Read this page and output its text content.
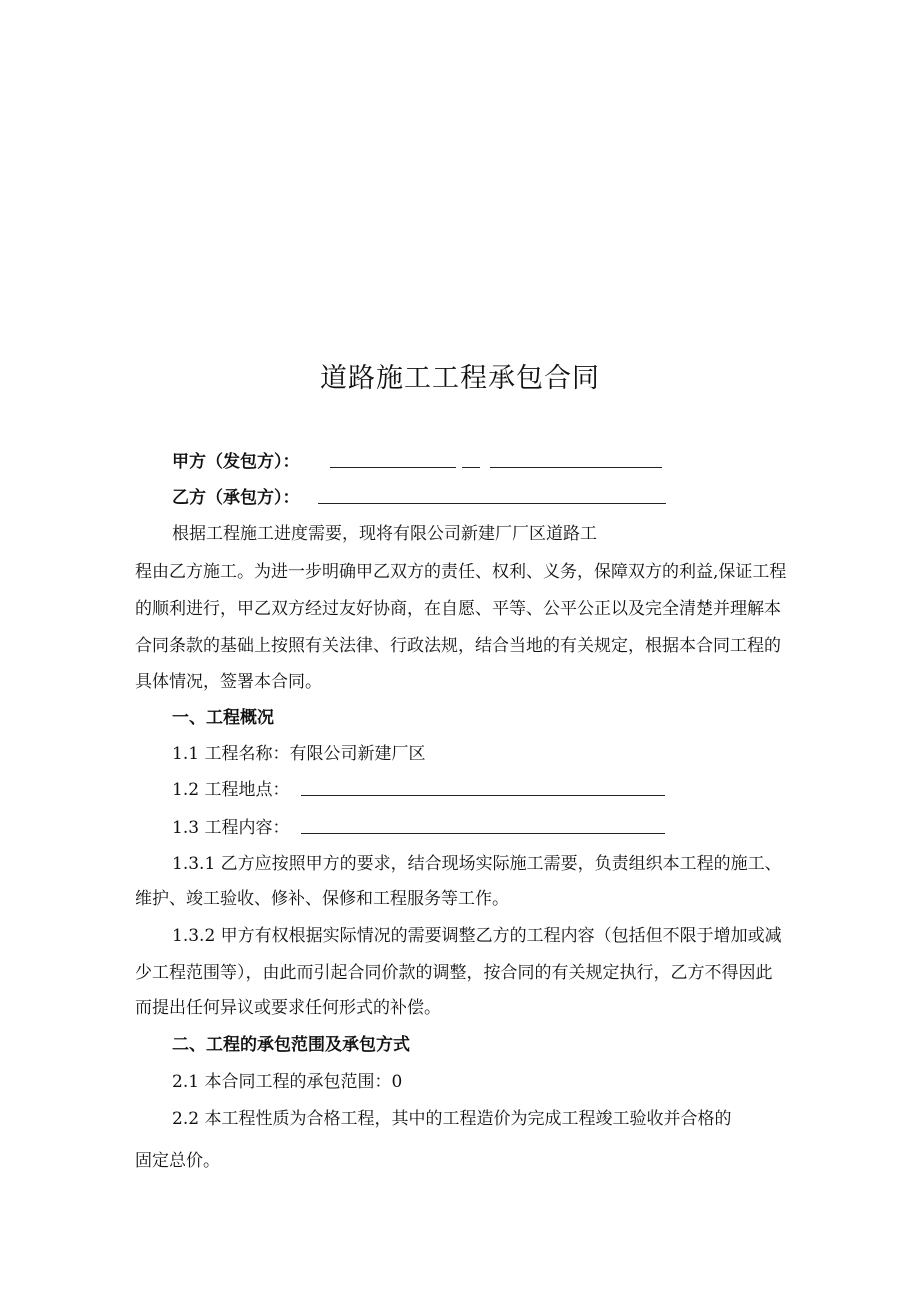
道路施工工程承包合同
甲方（发包方）：
乙方（承包方）：
根据工程施工进度需要，现将有限公司新建厂厂区道路工
程由乙方施工。为进一步明确甲乙双方的责任、权利、义务，保障双方的利益,保证工程
的顺利进行，甲乙双方经过友好协商，在自愿、平等、公平公正以及完全清楚并理解本
合同条款的基础上按照有关法律、行政法规，结合当地的有关规定，根据本合同工程的
具体情况，签署本合同。
一、工程概况
1.1 工程名称：有限公司新建厂区
1.2 工程地点：
1.3 工程内容：
1.3.1 乙方应按照甲方的要求，结合现场实际施工需要，负责组织本工程的施工、
维护、竣工验收、修补、保修和工程服务等工作。
1.3.2 甲方有权根据实际情况的需要调整乙方的工程内容（包括但不限于增加或减
少工程范围等），由此而引起合同价款的调整，按合同的有关规定执行，乙方不得因此
而提出任何异议或要求任何形式的补偿。
二、工程的承包范围及承包方式
2.1 本合同工程的承包范围：0
2.2 本工程性质为合格工程，其中的工程造价为完成工程竣工验收并合格的
固定总价。
